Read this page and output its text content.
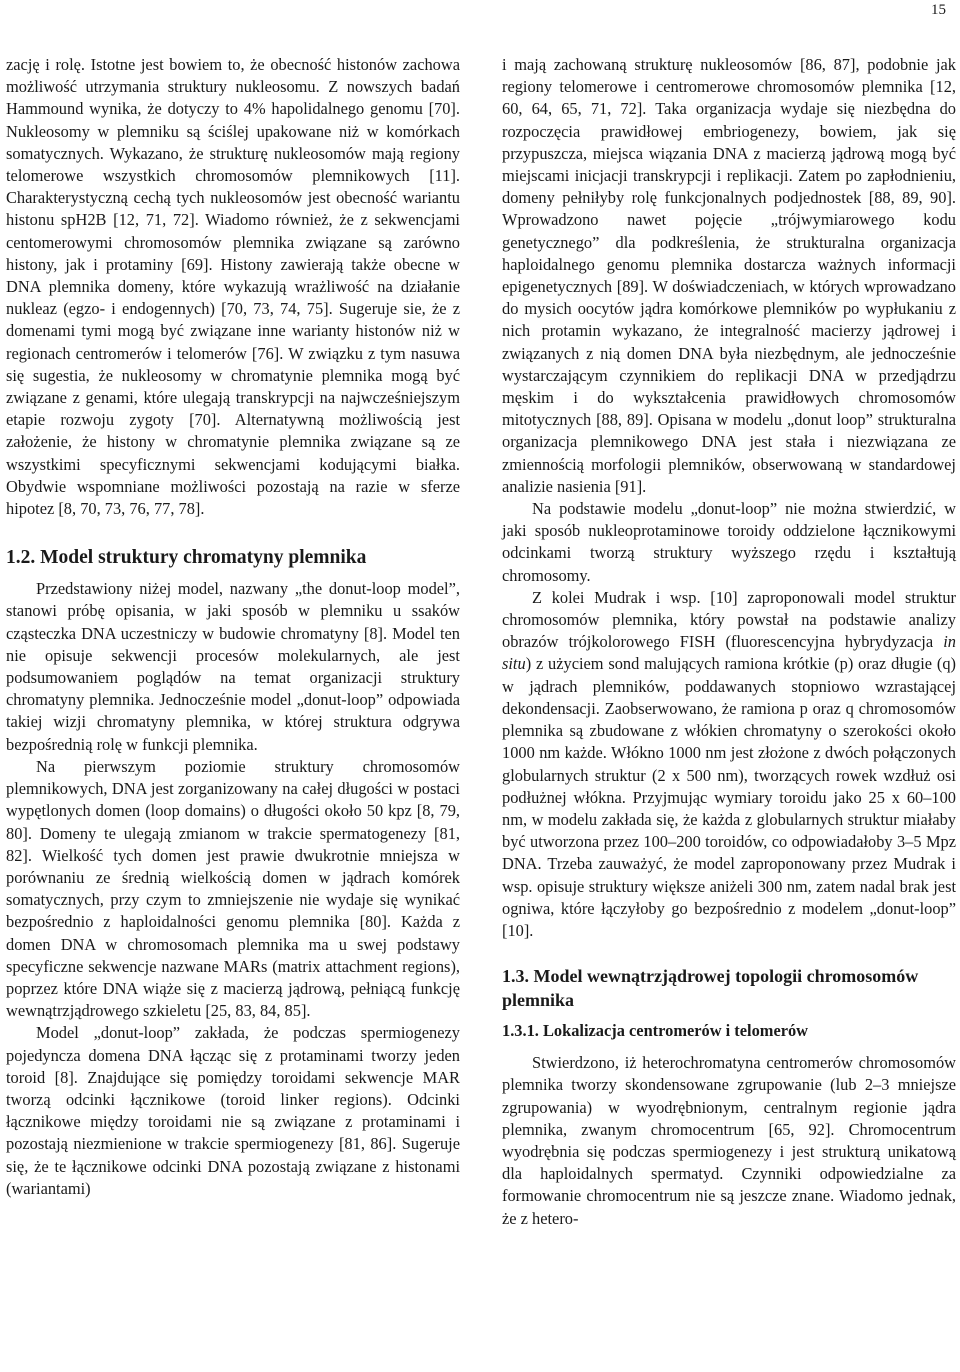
15

zację i rolę. Istotne jest bowiem to, że obecność histonów zachowa możliwość utrzymania struktury nukleosomu. Z nowszych badań Hammound wynika, że dotyczy to 4% hapolidalnego genomu [70]. Nukleosomy w plemniku są ściślej upakowane niż w komórkach somatycznych. Wykazano, że strukturę nukleosomów mają regiony telomerowe wszystkich chromosomów plemnikowych [11]. Charakterystyczną cechą tych nukleosomów jest obecność wariantu histonu spH2B [12, 71, 72]. Wiadomo również, że z sekwencjami centomerowymi chromosomów plemnika związane są zarówno histony, jak i protaminy [69]. Histony zawierają także obecne w DNA plemnika domeny, które wykazują wrażliwość na działanie nukleaz (egzo- i endogennych) [70, 73, 74, 75]. Sugeruje sie, że z domenami tymi mogą być związane inne warianty histonów niż w regionach centromerów i telomerów [76]. W związku z tym nasuwa się sugestia, że nukleosomy w chromatynie plemnika mogą być związane z genami, które ulegają transkrypcji na najwcześniejszym etapie rozwoju zygoty [70]. Alternatywną możliwością jest założenie, że histony w chromatynie plemnika związane są ze wszystkimi specyficznymi sekwencjami kodującymi białka. Obydwie wspomniane możliwości pozostają na razie w sferze hipotez [8, 70, 73, 76, 77, 78].

1.2. Model struktury chromatyny plemnika

Przedstawiony niżej model, nazwany „the donut-loop model”, stanowi próbę opisania, w jaki sposób w plemniku u ssaków cząsteczka DNA uczestniczy w budowie chromatyny [8]. Model ten nie opisuje sekwencji procesów molekularnych, ale jest podsumowaniem poglądów na temat organizacji struktury chromatyny plemnika. Jednocześnie model „donut-loop” odpowiada takiej wizji chromatyny plemnika, w której struktura odgrywa bezpośrednią rolę w funkcji plemnika.

Na pierwszym poziomie struktury chromosomów plemnikowych, DNA jest zorganizowany na całej długości w postaci wypętlonych domen (loop domains) o długości około 50 kpz [8, 79, 80]. Domeny te ulegają zmianom w trakcie spermatogenezy [81, 82]. Wielkość tych domen jest prawie dwukrotnie mniejsza w porównaniu ze średnią wielkością domen w jądrach komórek somatycznych, przy czym to zmniejszenie nie wydaje się wynikać bezpośrednio z haploidalności genomu plemnika [80]. Każda z domen DNA w chromosomach plemnika ma u swej podstawy specyficzne sekwencje nazwane MARs (matrix attachment regions), poprzez które DNA wiąże się z macierzą jądrową, pełniącą funkcję wewnątrzjądrowego szkieletu [25, 83, 84, 85].

Model „donut-loop” zakłada, że podczas spermiogenezy pojedyncza domena DNA łącząc się z protaminami tworzy jeden toroid [8]. Znajdujące się pomiędzy toroidami sekwencje MAR tworzą odcinki łącznikowe (toroid linker regions). Odcinki łącznikowe między toroidami nie są związane z protaminami i pozostają niezmienione w trakcie spermiogenezy [81, 86]. Sugeruje się, że te łącznikowe odcinki DNA pozostają związane z histonami (wariantami)

i mają zachowaną strukturę nukleosomów [86, 87], podobnie jak regiony telomerowe i centromerowe chromosomów plemnika [12, 60, 64, 65, 71, 72]. Taka organizacja wydaje się niezbędna do rozpoczęcia prawidłowej embriogenezy, bowiem, jak się przypuszcza, miejsca wiązania DNA z macierzą jądrową mogą być miejscami inicjacji transkrypcji i replikacji. Zatem po zapłodnieniu, domeny pełniłyby rolę funkcjonalnych podjednostek [88, 89, 90]. Wprowadzono nawet pojęcie „trójwymiarowego kodu genetycznego” dla podkreślenia, że strukturalna organizacja haploidalnego genomu plemnika dostarcza ważnych informacji epigenetycznych [89]. W doświadczeniach, w których wprowadzano do mysich oocytów jądra komórkowe plemników po wypłukaniu z nich protamin wykazano, że integralność macierzy jądrowej i związanych z nią domen DNA była niezbędnym, ale jednocześnie wystarczającym czynnikiem do replikacji DNA w przedjądrzu męskim i do wykształcenia prawidłowych chromosomów mitotycznych [88, 89]. Opisana w modelu „donut loop” strukturalna organizacja plemnikowego DNA jest stała i niezwiązana ze zmiennością morfologii plemników, obserwowaną w standardowej analizie nasienia [91].

Na podstawie modelu „donut-loop” nie można stwierdzić, w jaki sposób nukleoprotaminowe toroidy oddzielone łącznikowymi odcinkami tworzą struktury wyższego rzędu i kształtują chromosomy.

Z kolei Mudrak i wsp. [10] zaproponowali model struktur chromosomów plemnika, który powstał na podstawie analizy obrazów trójkolorowego FISH (fluorescencyjna hybrydyzacja in situ) z użyciem sond malujących ramiona krótkie (p) oraz długie (q) w jądrach plemników, poddawanych stopniowo wzrastającej dekondensacji. Zaobserwowano, że ramiona p oraz q chromosomów plemnika są zbudowane z włókien chromatyny o szerokości około 1000 nm każde. Włókno 1000 nm jest złożone z dwóch połączonych globularnych struktur (2 x 500 nm), tworzących rowek wzdłuż osi podłużnej włókna. Przyjmując wymiary toroidu jako 25 x 60–100 nm, w modelu zakłada się, że każda z globularnych struktur miałaby być utworzona przez 100–200 toroidów, co odpowiadałoby 3–5 Mpz DNA. Trzeba zauważyć, że model zaproponowany przez Mudrak i wsp. opisuje struktury większe aniżeli 300 nm, zatem nadal brak jest ogniwa, które łączyłoby go bezpośrednio z modelem „donut-loop” [10].

1.3. Model wewnątrzjądrowej topologii chromosomów plemnika
1.3.1. Lokalizacja centromerów i telomerów

Stwierdzono, iż heterochromatyna centromerów chromosomów plemnika tworzy skondensowane zgrupowanie (lub 2–3 mniejsze zgrupowania) w wyodrębnionym, centralnym regionie jądra plemnika, zwanym chromocentrum [65, 92]. Chromocentrum wyodrębnia się podczas spermiogenezy i jest strukturą unikatową dla haploidalnych spermatyd. Czynniki odpowiedzialne za formowanie chromocentrum nie są jeszcze znane. Wiadomo jednak, że z hetero-
